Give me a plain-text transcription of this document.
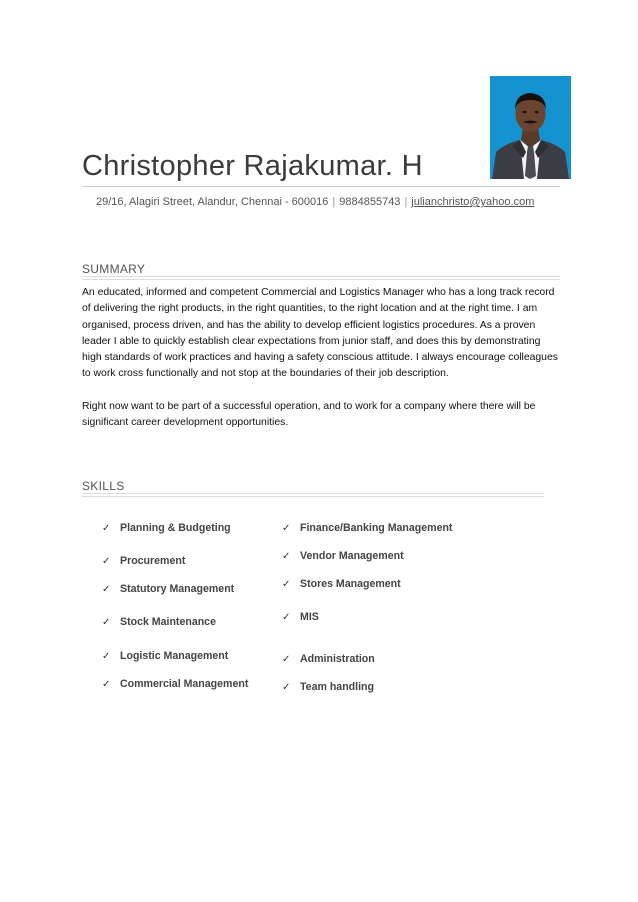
Christopher Rajakumar. H
29/16, Alagiri Street, Alandur, Chennai - 600016 | 9884855743 | julianchristo@yahoo.com
SUMMARY

An educated, informed and competent Commercial and Logistics Manager who has a long track record of delivering the right products, in the right quantities, to the right location and at the right time. I am organised, process driven, and has the ability to develop efficient logistics procedures. As a proven leader I able to quickly establish clear expectations from junior staff, and does this by demonstrating high standards of work practices and having a safety conscious attitude. I always encourage colleagues to work cross functionally and not stop at the boundaries of their job description.

Right now want to be part of a successful operation, and to work for a company where there will be significant career development opportunities.

SKILLS
✓ Planning & Budgeting
✓ Procurement
✓ Statutory Management
✓ Stock Maintenance
✓ Logistic Management
✓ Commercial Management
✓ Finance/Banking Management
✓ Vendor Management
✓ Stores Management
✓ MIS
✓ Administration
✓ Team handling
